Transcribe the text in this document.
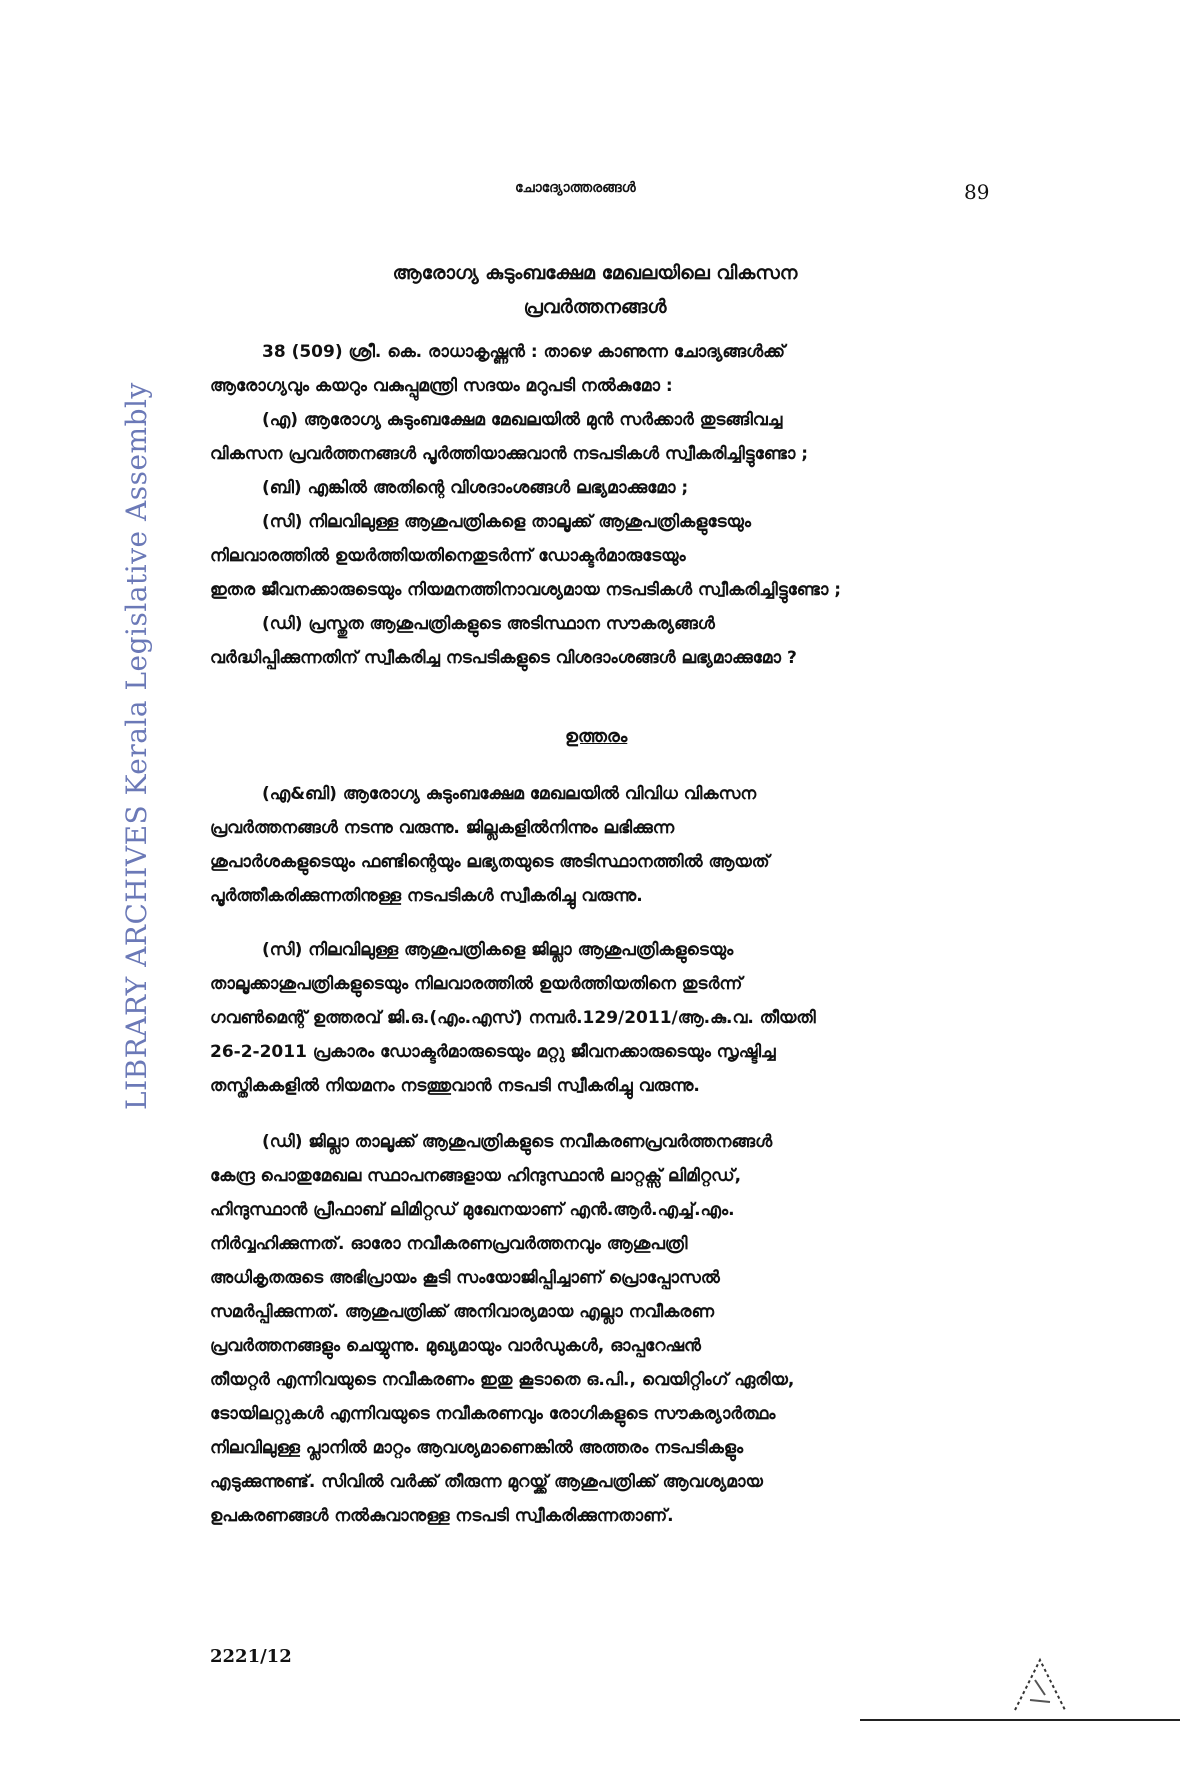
LIBRARY ARCHIVES Kerala Legislative Assembly
ചോദ്യോത്തരങ്ങൾ	89
ആരോഗ്യ കുടുംബക്ഷേമ മേഖലയിലെ വികസന
പ്രവർത്തനങ്ങൾ
38 (509) ശ്രീ. കെ. രാധാകൃഷ്ണൻ : താഴെ കാണുന്ന ചോദ്യങ്ങൾക്ക്
ആരോഗ്യവും കയറും വകുപ്പുമന്ത്രി സദയം മറുപടി നൽകുമോ :
(എ) ആരോഗ്യ കുടുംബക്ഷേമ മേഖലയിൽ മുൻ സർക്കാർ തുടങ്ങിവച്ച
വികസന പ്രവർത്തനങ്ങൾ പൂർത്തിയാക്കുവാൻ നടപടികൾ സ്വീകരിച്ചിട്ടുണ്ടോ ;
(ബി) എങ്കിൽ അതിന്റെ വിശദാംശങ്ങൾ ലഭ്യമാക്കുമോ ;
(സി) നിലവിലുള്ള ആശുപത്രികളെ താലൂക്ക് ആശുപത്രികളുടേയും
നിലവാരത്തിൽ ഉയർത്തിയതിനെതുടർന്ന് ഡോക്ടർമാരുടേയും
ഇതര ജീവനക്കാരുടെയും നിയമനത്തിനാവശ്യമായ നടപടികൾ സ്വീകരിച്ചിട്ടുണ്ടോ ;
(ഡി) പ്രസ്തുത ആശുപത്രികളുടെ അടിസ്ഥാന സൗകര്യങ്ങൾ
വർദ്ധിപ്പിക്കുന്നതിന് സ്വീകരിച്ച നടപടികളുടെ വിശദാംശങ്ങൾ ലഭ്യമാക്കുമോ ?
ഉത്തരം
(എ&ബി) ആരോഗ്യ കുടുംബക്ഷേമ മേഖലയിൽ വിവിധ വികസന
പ്രവർത്തനങ്ങൾ നടന്നു വരുന്നു. ജില്ലകളിൽനിന്നും ലഭിക്കുന്ന
ശുപാർശകളുടെയും ഫണ്ടിന്റെയും ലഭ്യതയുടെ അടിസ്ഥാനത്തിൽ ആയത്
പൂർത്തീകരിക്കുന്നതിനുള്ള നടപടികൾ സ്വീകരിച്ചു വരുന്നു.
(സി) നിലവിലുള്ള ആശുപത്രികളെ ജില്ലാ ആശുപത്രികളുടെയും
താലൂക്കാശുപത്രികളുടെയും നിലവാരത്തിൽ ഉയർത്തിയതിനെ തുടർന്ന്
ഗവൺമെന്റ് ഉത്തരവ് ജി.ഒ.(എം.എസ്) നമ്പർ.129/2011/ആ.കു.വ. തീയതി
26-2-2011 പ്രകാരം ഡോക്ടർമാരുടെയും മറ്റു ജീവനക്കാരുടെയും സൃഷ്ടിച്ച
തസ്തികകളിൽ നിയമനം നടത്തുവാൻ നടപടി സ്വീകരിച്ചു വരുന്നു.
(ഡി) ജില്ലാ താലൂക്ക് ആശുപത്രികളുടെ നവീകരണപ്രവർത്തനങ്ങൾ
കേന്ദ്ര പൊതുമേഖല സ്ഥാപനങ്ങളായ ഹിന്ദുസ്ഥാൻ ലാറ്റക്സ് ലിമിറ്റഡ്,
ഹിന്ദുസ്ഥാൻ പ്രീഫാബ് ലിമിറ്റഡ് മുഖേനയാണ് എൻ.ആർ.എച്ച്.എം.
നിർവ്വഹിക്കുന്നത്. ഓരോ നവീകരണപ്രവർത്തനവും ആശുപത്രി
അധികൃതരുടെ അഭിപ്രായം കൂടി സംയോജിപ്പിച്ചാണ് പ്രൊപ്പോസൽ
സമർപ്പിക്കുന്നത്. ആശുപത്രിക്ക് അനിവാര്യമായ എല്ലാ നവീകരണ
പ്രവർത്തനങ്ങളും ചെയ്യുന്നു. മുഖ്യമായും വാർഡുകൾ, ഓപ്പറേഷൻ
തീയറ്റർ എന്നിവയുടെ നവീകരണം ഇതു കൂടാതെ ഒ.പി., വെയിറ്റിംഗ് ഏരിയ,
ടോയിലറ്റുകൾ എന്നിവയുടെ നവീകരണവും രോഗികളുടെ സൗകര്യാർത്ഥം
നിലവിലുള്ള പ്ലാനിൽ മാറ്റം ആവശ്യമാണെങ്കിൽ അത്തരം നടപടികളും
എടുക്കുന്നുണ്ട്. സിവിൽ വർക്ക് തീരുന്ന മുറയ്ക്ക് ആശുപത്രിക്ക് ആവശ്യമായ
ഉപകരണങ്ങൾ നൽകുവാനുള്ള നടപടി സ്വീകരിക്കുന്നതാണ്.
2221/12
